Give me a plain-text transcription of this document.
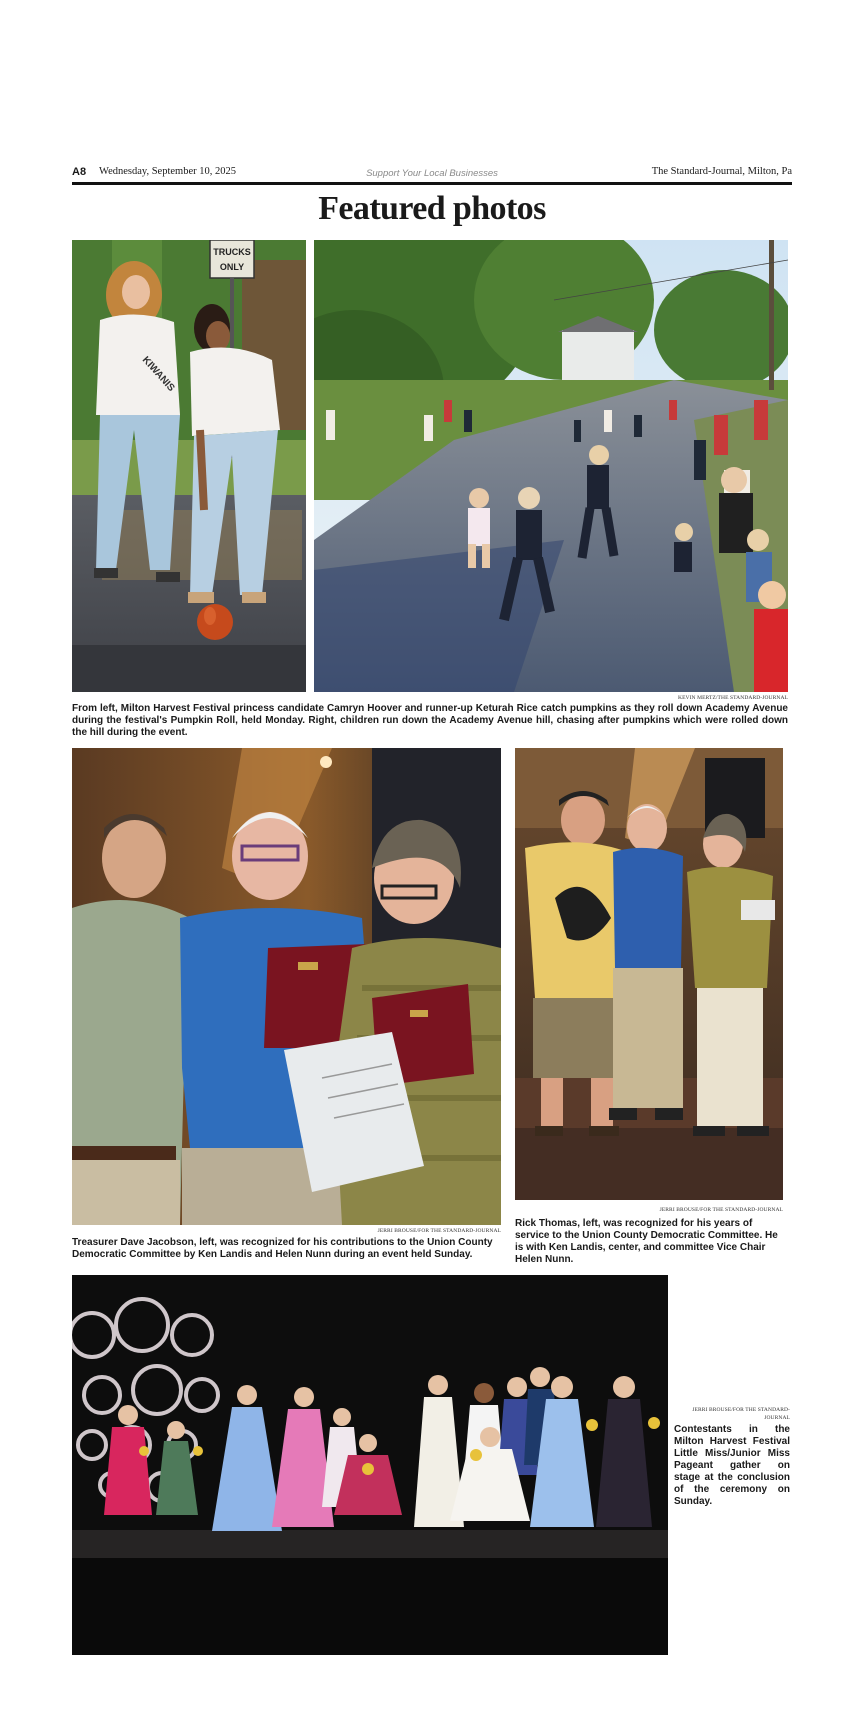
A8 Wednesday, September 10, 2025	Support Your Local Businesses	The Standard-Journal, Milton, Pa
Featured photos
TRUCKS
ONLY
KIWANIS
KEVIN MERTZ/THE STANDARD-JOURNAL
From left, Milton Harvest Festival princess candidate Camryn Hoover and runner-up Keturah Rice catch pumpkins as they roll down Academy Avenue during the festival's Pumpkin Roll, held Monday. Right, children run down the Academy Avenue hill, chasing after pumpkins which were rolled down the hill during the event.
JERRI BROUSE/FOR THE STANDARD-JOURNAL
Treasurer Dave Jacobson, left, was recognized for his contributions to the Union County Democratic Committee by Ken Landis and Helen Nunn during an event held Sunday.
JERRI BROUSE/FOR THE STANDARD-JOURNAL
Rick Thomas, left, was recognized for his years of service to the Union County Democratic Committee. He is with Ken Landis, center, and committee Vice Chair Helen Nunn.
JERRI BROUSE/FOR THE STANDARD-JOURNAL
Contestants in the Milton Harvest Festival Little Miss/Junior Miss Pageant gather on stage at the conclusion of the ceremony on Sunday.
